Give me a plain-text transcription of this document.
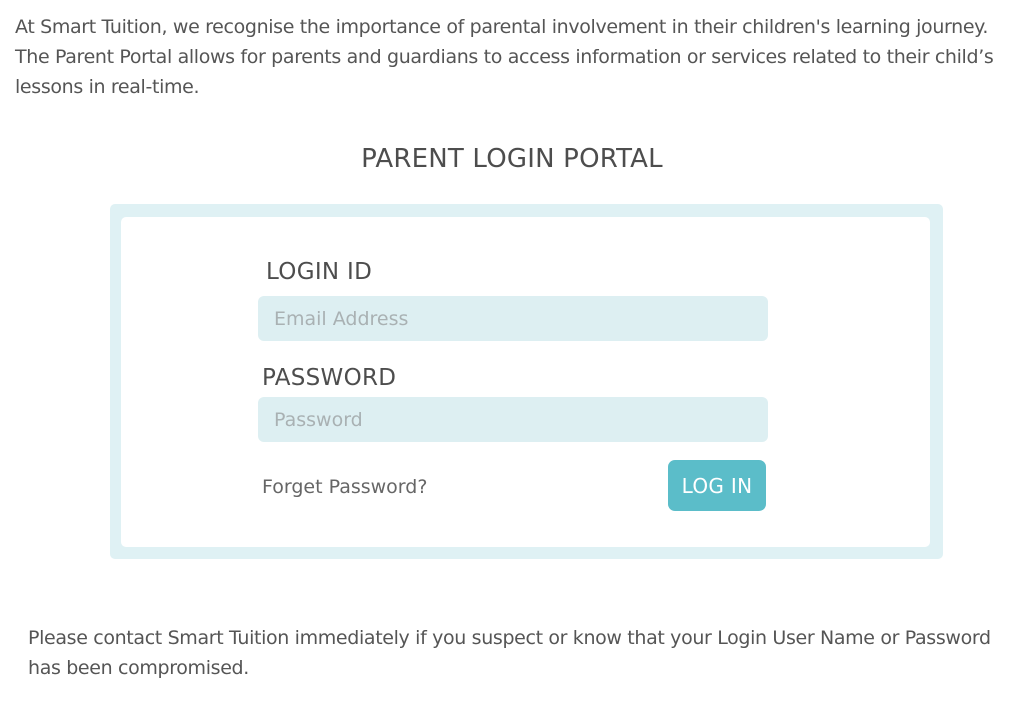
At Smart Tuition, we recognise the importance of parental involvement in their children's learning journey. The Parent Portal allows for parents and guardians to access information or services related to their child’s lessons in real-time.

PARENT LOGIN PORTAL
LOGIN ID
Email Address
PASSWORD
Forget Password?	LOG IN

Please contact Smart Tuition immediately if you suspect or know that your Login User Name or Password has been compromised.
